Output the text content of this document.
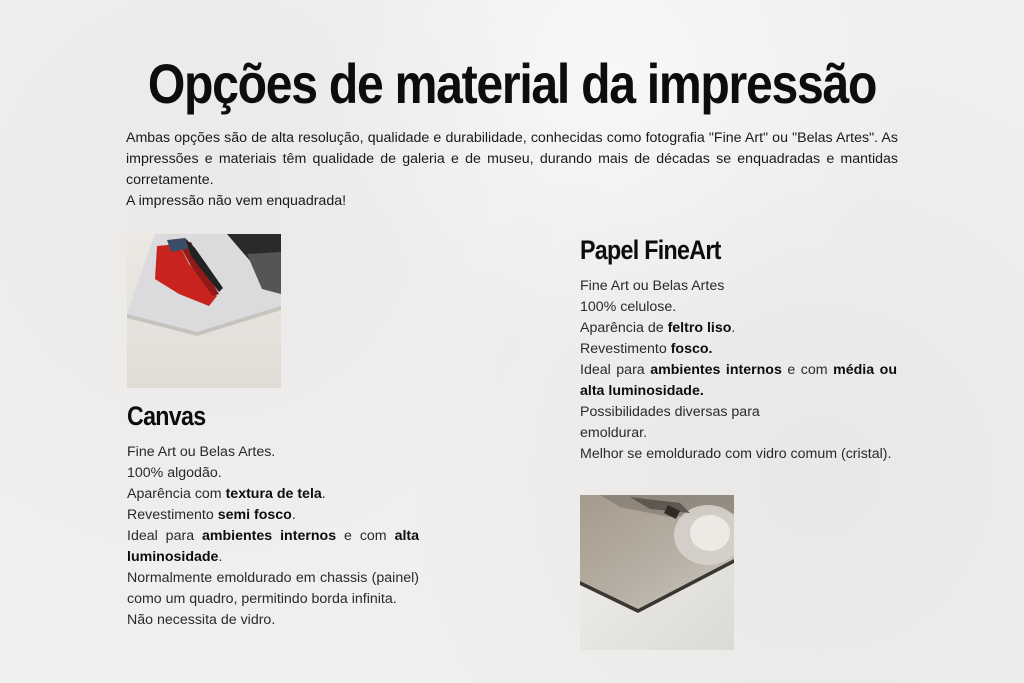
Opções de material da impressão

Ambas opções são de alta resolução, qualidade e durabilidade, conhecidas como fotografia "Fine Art" ou "Belas Artes". As impressões e materiais têm qualidade de galeria e de museu, durando mais de décadas se enquadradas e mantidas corretamente.

A impressão não vem enquadrada!

Canvas

Fine Art ou Belas Artes.

100% algodão.

Aparência com textura de tela.

Revestimento semi fosco.

Ideal para ambientes internos e com alta luminosidade.

Normalmente emoldurado em chassis (painel) como um quadro, permitindo borda infinita.

Não necessita de vidro.

Papel FineArt

Fine Art ou Belas Artes

100% celulose.

Aparência de feltro liso.

Revestimento fosco.

Ideal para ambientes internos e com média ou alta luminosidade.

Possibilidades diversas para emoldurar.

Melhor se emoldurado com vidro comum (cristal).
